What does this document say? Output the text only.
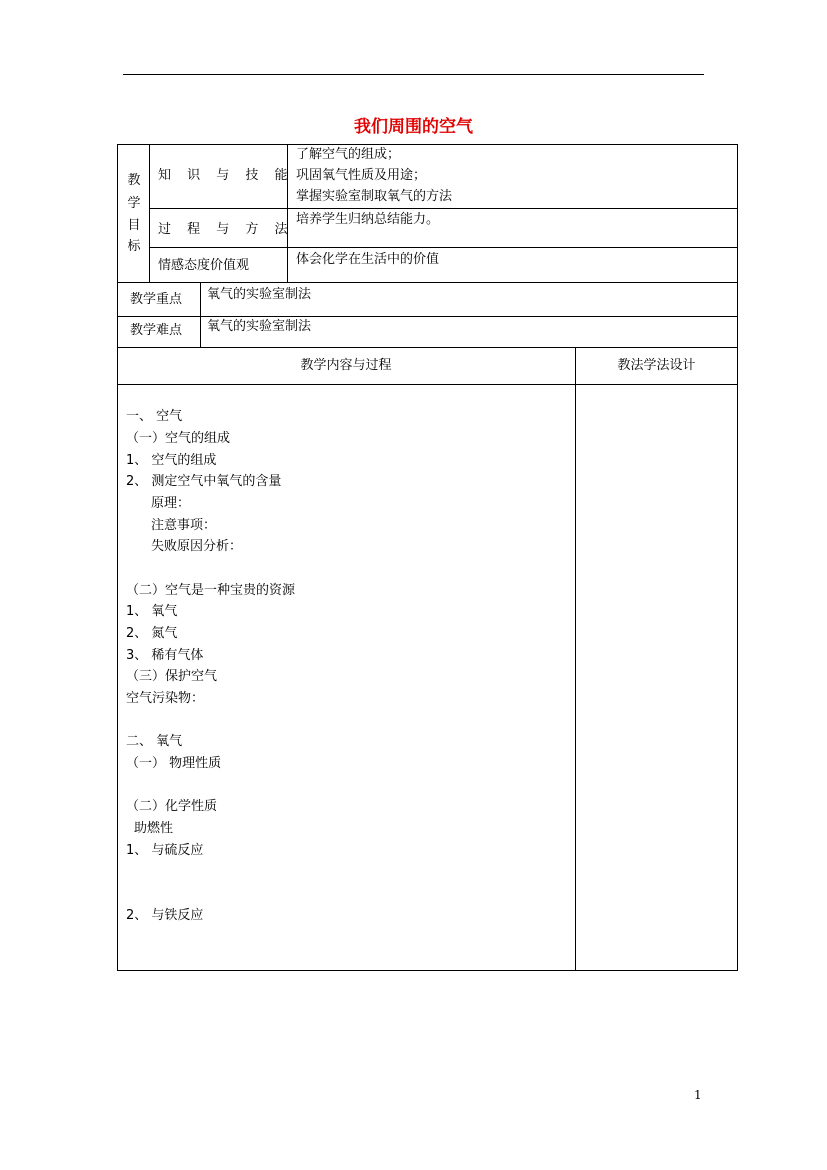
我们周围的空气
教
学
目
标
知 识 与 技 能
了解空气的组成；
巩固氧气性质及用途；
掌握实验室制取氧气的方法
过 程 与 方 法
培养学生归纳总结能力。
情感态度价值观	体会化学在生活中的价值
教学重点 氧气的实验室制法
教学难点 氧气的实验室制法
教学内容与过程	教法学法设计
一、 空气
（一）空气的组成
1、 空气的组成
2、 测定空气中氧气的含量
原理：
注意事项：
失败原因分析：
（二）空气是一种宝贵的资源
1、 氧气
2、 氮气
3、 稀有气体
（三）保护空气
空气污染物：
二、 氧气
（一） 物理性质
（二）化学性质
助燃性
1、 与硫反应
2、 与铁反应
1
